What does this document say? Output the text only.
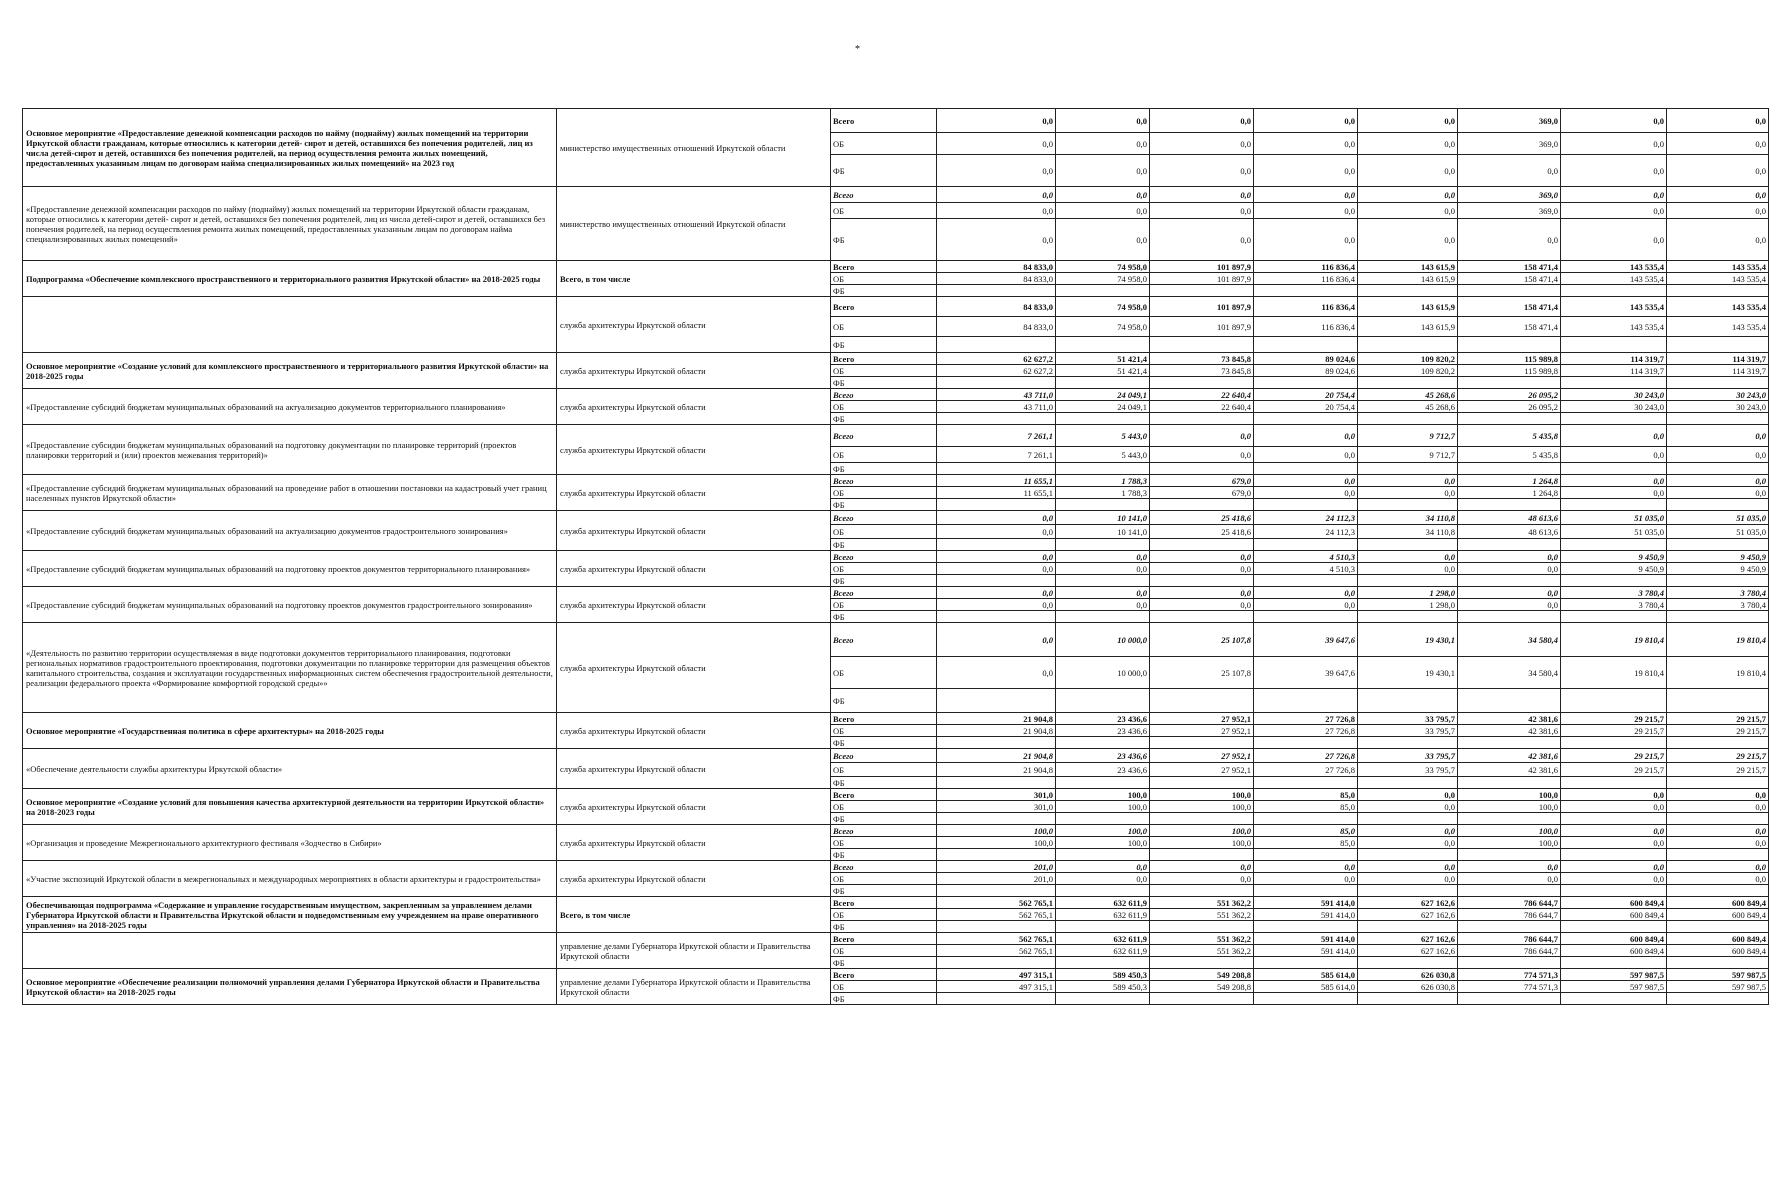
*
Основное мероприятие «Предоставление денежной компенсации расходов по найму (поднайму) жилых помещений на территории Иркутской области гражданам, которые относились к категории детей- сирот и детей, оставшихся без попечения родителей, лиц из числа детей-сирот и детей, оставшихся без попечения родителей, на период осуществления ремонта жилых помещений, предоставленных указанным лицам по договорам найма специализированных жилых помещений» на 2023 год	министерство имущественных отношений Иркутской области	Всего	0,0	0,0	0,0	0,0	0,0	369,0	0,0	0,0
		ОБ	0,0	0,0	0,0	0,0	0,0	369,0	0,0	0,0
		ФБ	0,0	0,0	0,0	0,0	0,0	0,0	0,0	0,0
«Предоставление денежной компенсации расходов по найму (поднайму) жилых помещений на территории Иркутской области гражданам, которые относились к категории детей- сирот и детей, оставшихся без попечения родителей, лиц из числа детей-сирот и детей, оставшихся без попечения родителей, на период осуществления ремонта жилых помещений, предоставленных указанным лицам по договорам найма специализированных жилых помещений»	министерство имущественных отношений Иркутской области	Всего	0,0	0,0	0,0	0,0	0,0	369,0	0,0	0,0
		ОБ	0,0	0,0	0,0	0,0	0,0	369,0	0,0	0,0
		ФБ	0,0	0,0	0,0	0,0	0,0	0,0	0,0	0,0
Подпрограмма «Обеспечение комплексного пространственного и территориального развития Иркутской области» на 2018-2025 годы	Всего, в том числе	Всего	84 833,0	74 958,0	101 897,9	116 836,4	143 615,9	158 471,4	143 535,4	143 535,4
		ОБ	84 833,0	74 958,0	101 897,9	116 836,4	143 615,9	158 471,4	143 535,4	143 535,4
		ФБ								
	служба архитектуры Иркутской области	Всего	84 833,0	74 958,0	101 897,9	116 836,4	143 615,9	158 471,4	143 535,4	143 535,4
		ОБ	84 833,0	74 958,0	101 897,9	116 836,4	143 615,9	158 471,4	143 535,4	143 535,4
		ФБ								
Основное мероприятие «Создание условий для комплексного пространственного и территориального развития Иркутской области» на 2018-2025 годы	служба архитектуры Иркутской области	Всего	62 627,2	51 421,4	73 845,8	89 024,6	109 820,2	115 989,8	114 319,7	114 319,7
		ОБ	62 627,2	51 421,4	73 845,8	89 024,6	109 820,2	115 989,8	114 319,7	114 319,7
		ФБ								
«Предоставление субсидий бюджетам муниципальных образований на актуализацию документов территориального планирования»	служба архитектуры Иркутской области	Всего	43 711,0	24 049,1	22 640,4	20 754,4	45 268,6	26 095,2	30 243,0	30 243,0
		ОБ	43 711,0	24 049,1	22 640,4	20 754,4	45 268,6	26 095,2	30 243,0	30 243,0
		ФБ								
«Предоставление субсидии бюджетам муниципальных образований на подготовку документации по планировке территорий (проектов планировки территорий и (или) проектов межевания территорий)»	служба архитектуры Иркутской области	Всего	7 261,1	5 443,0	0,0	0,0	9 712,7	5 435,8	0,0	0,0
		ОБ	7 261,1	5 443,0	0,0	0,0	9 712,7	5 435,8	0,0	0,0
		ФБ								
«Предоставление субсидий бюджетам муниципальных образований на проведение работ в отношении постановки на кадастровый учет границ населенных пунктов Иркутской области»	служба архитектуры Иркутской области	Всего	11 655,1	1 788,3	679,0	0,0	0,0	1 264,8	0,0	0,0
		ОБ	11 655,1	1 788,3	679,0	0,0	0,0	1 264,8	0,0	0,0
		ФБ								
«Предоставление субсидий бюджетам муниципальных образований на актуализацию документов градостроительного зонирования»	служба архитектуры Иркутской области	Всего	0,0	10 141,0	25 418,6	24 112,3	34 110,8	48 613,6	51 035,0	51 035,0
		ОБ	0,0	10 141,0	25 418,6	24 112,3	34 110,8	48 613,6	51 035,0	51 035,0
		ФБ								
«Предоставление субсидий бюджетам муниципальных образований на подготовку проектов документов территориального планирования»	служба архитектуры Иркутской области	Всего	0,0	0,0	0,0	4 510,3	0,0	0,0	9 450,9	9 450,9
		ОБ	0,0	0,0	0,0	4 510,3	0,0	0,0	9 450,9	9 450,9
		ФБ								
«Предоставление субсидий бюджетам муниципальных образований на подготовку проектов документов градостроительного зонирования»	служба архитектуры Иркутской области	Всего	0,0	0,0	0,0	0,0	1 298,0	0,0	3 780,4	3 780,4
		ОБ	0,0	0,0	0,0	0,0	1 298,0	0,0	3 780,4	3 780,4
		ФБ								
«Деятельность по развитию территории осуществляемая в виде подготовки документов территориального планирования, подготовки региональных нормативов градостроительного проектирования, подготовки документации по планировке территории для размещения объектов капитального строительства, создания и эксплуатации государственных информационных систем обеспечения градостроительной деятельности, реализации федерального проекта «Формирование комфортной городской среды»»	служба архитектуры Иркутской области	Всего	0,0	10 000,0	25 107,8	39 647,6	19 430,1	34 580,4	19 810,4	19 810,4
		ОБ	0,0	10 000,0	25 107,8	39 647,6	19 430,1	34 580,4	19 810,4	19 810,4
		ФБ								
Основное мероприятие «Государственная политика в сфере архитектуры» на 2018-2025 годы	служба архитектуры Иркутской области	Всего	21 904,8	23 436,6	27 952,1	27 726,8	33 795,7	42 381,6	29 215,7	29 215,7
		ОБ	21 904,8	23 436,6	27 952,1	27 726,8	33 795,7	42 381,6	29 215,7	29 215,7
		ФБ								
«Обеспечение деятельности службы архитектуры Иркутской области»	служба архитектуры Иркутской области	Всего	21 904,8	23 436,6	27 952,1	27 726,8	33 795,7	42 381,6	29 215,7	29 215,7
		ОБ	21 904,8	23 436,6	27 952,1	27 726,8	33 795,7	42 381,6	29 215,7	29 215,7
		ФБ								
Основное мероприятие «Создание условий для повышения качества архитектурной деятельности на территории Иркутской области» на 2018-2023 годы	служба архитектуры Иркутской области	Всего	301,0	100,0	100,0	85,0	0,0	100,0	0,0	0,0
		ОБ	301,0	100,0	100,0	85,0	0,0	100,0	0,0	0,0
		ФБ								
«Организация и проведение Межрегионального архитектурного фестиваля «Зодчество в Сибири»	служба архитектуры Иркутской области	Всего	100,0	100,0	100,0	85,0	0,0	100,0	0,0	0,0
		ОБ	100,0	100,0	100,0	85,0	0,0	100,0	0,0	0,0
		ФБ								
«Участие экспозиций Иркутской области в межрегиональных и международных мероприятиях в области архитектуры и градостроительства»	служба архитектуры Иркутской области	Всего	201,0	0,0	0,0	0,0	0,0	0,0	0,0	0,0
		ОБ	201,0	0,0	0,0	0,0	0,0	0,0	0,0	0,0
		ФБ								
Обеспечивающая подпрограмма «Содержание и управление государственным имуществом, закрепленным за управлением делами Губернатора Иркутской области и Правительства Иркутской области и подведомственным ему учреждением на праве оперативного управления» на 2018-2025 годы	Всего, в том числе	Всего	562 765,1	632 611,9	551 362,2	591 414,0	627 162,6	786 644,7	600 849,4	600 849,4
		ОБ	562 765,1	632 611,9	551 362,2	591 414,0	627 162,6	786 644,7	600 849,4	600 849,4
		ФБ								
	управление делами Губернатора Иркутской области и Правительства Иркутской области	Всего	562 765,1	632 611,9	551 362,2	591 414,0	627 162,6	786 644,7	600 849,4	600 849,4
		ОБ	562 765,1	632 611,9	551 362,2	591 414,0	627 162,6	786 644,7	600 849,4	600 849,4
		ФБ								
Основное мероприятие «Обеспечение реализации полномочий управления делами Губернатора Иркутской области и Правительства Иркутской области» на 2018-2025 годы	управление делами Губернатора Иркутской области и Правительства Иркутской области	Всего	497 315,1	589 450,3	549 208,8	585 614,0	626 030,8	774 571,3	597 987,5	597 987,5
		ОБ	497 315,1	589 450,3	549 208,8	585 614,0	626 030,8	774 571,3	597 987,5	597 987,5
		ФБ								
